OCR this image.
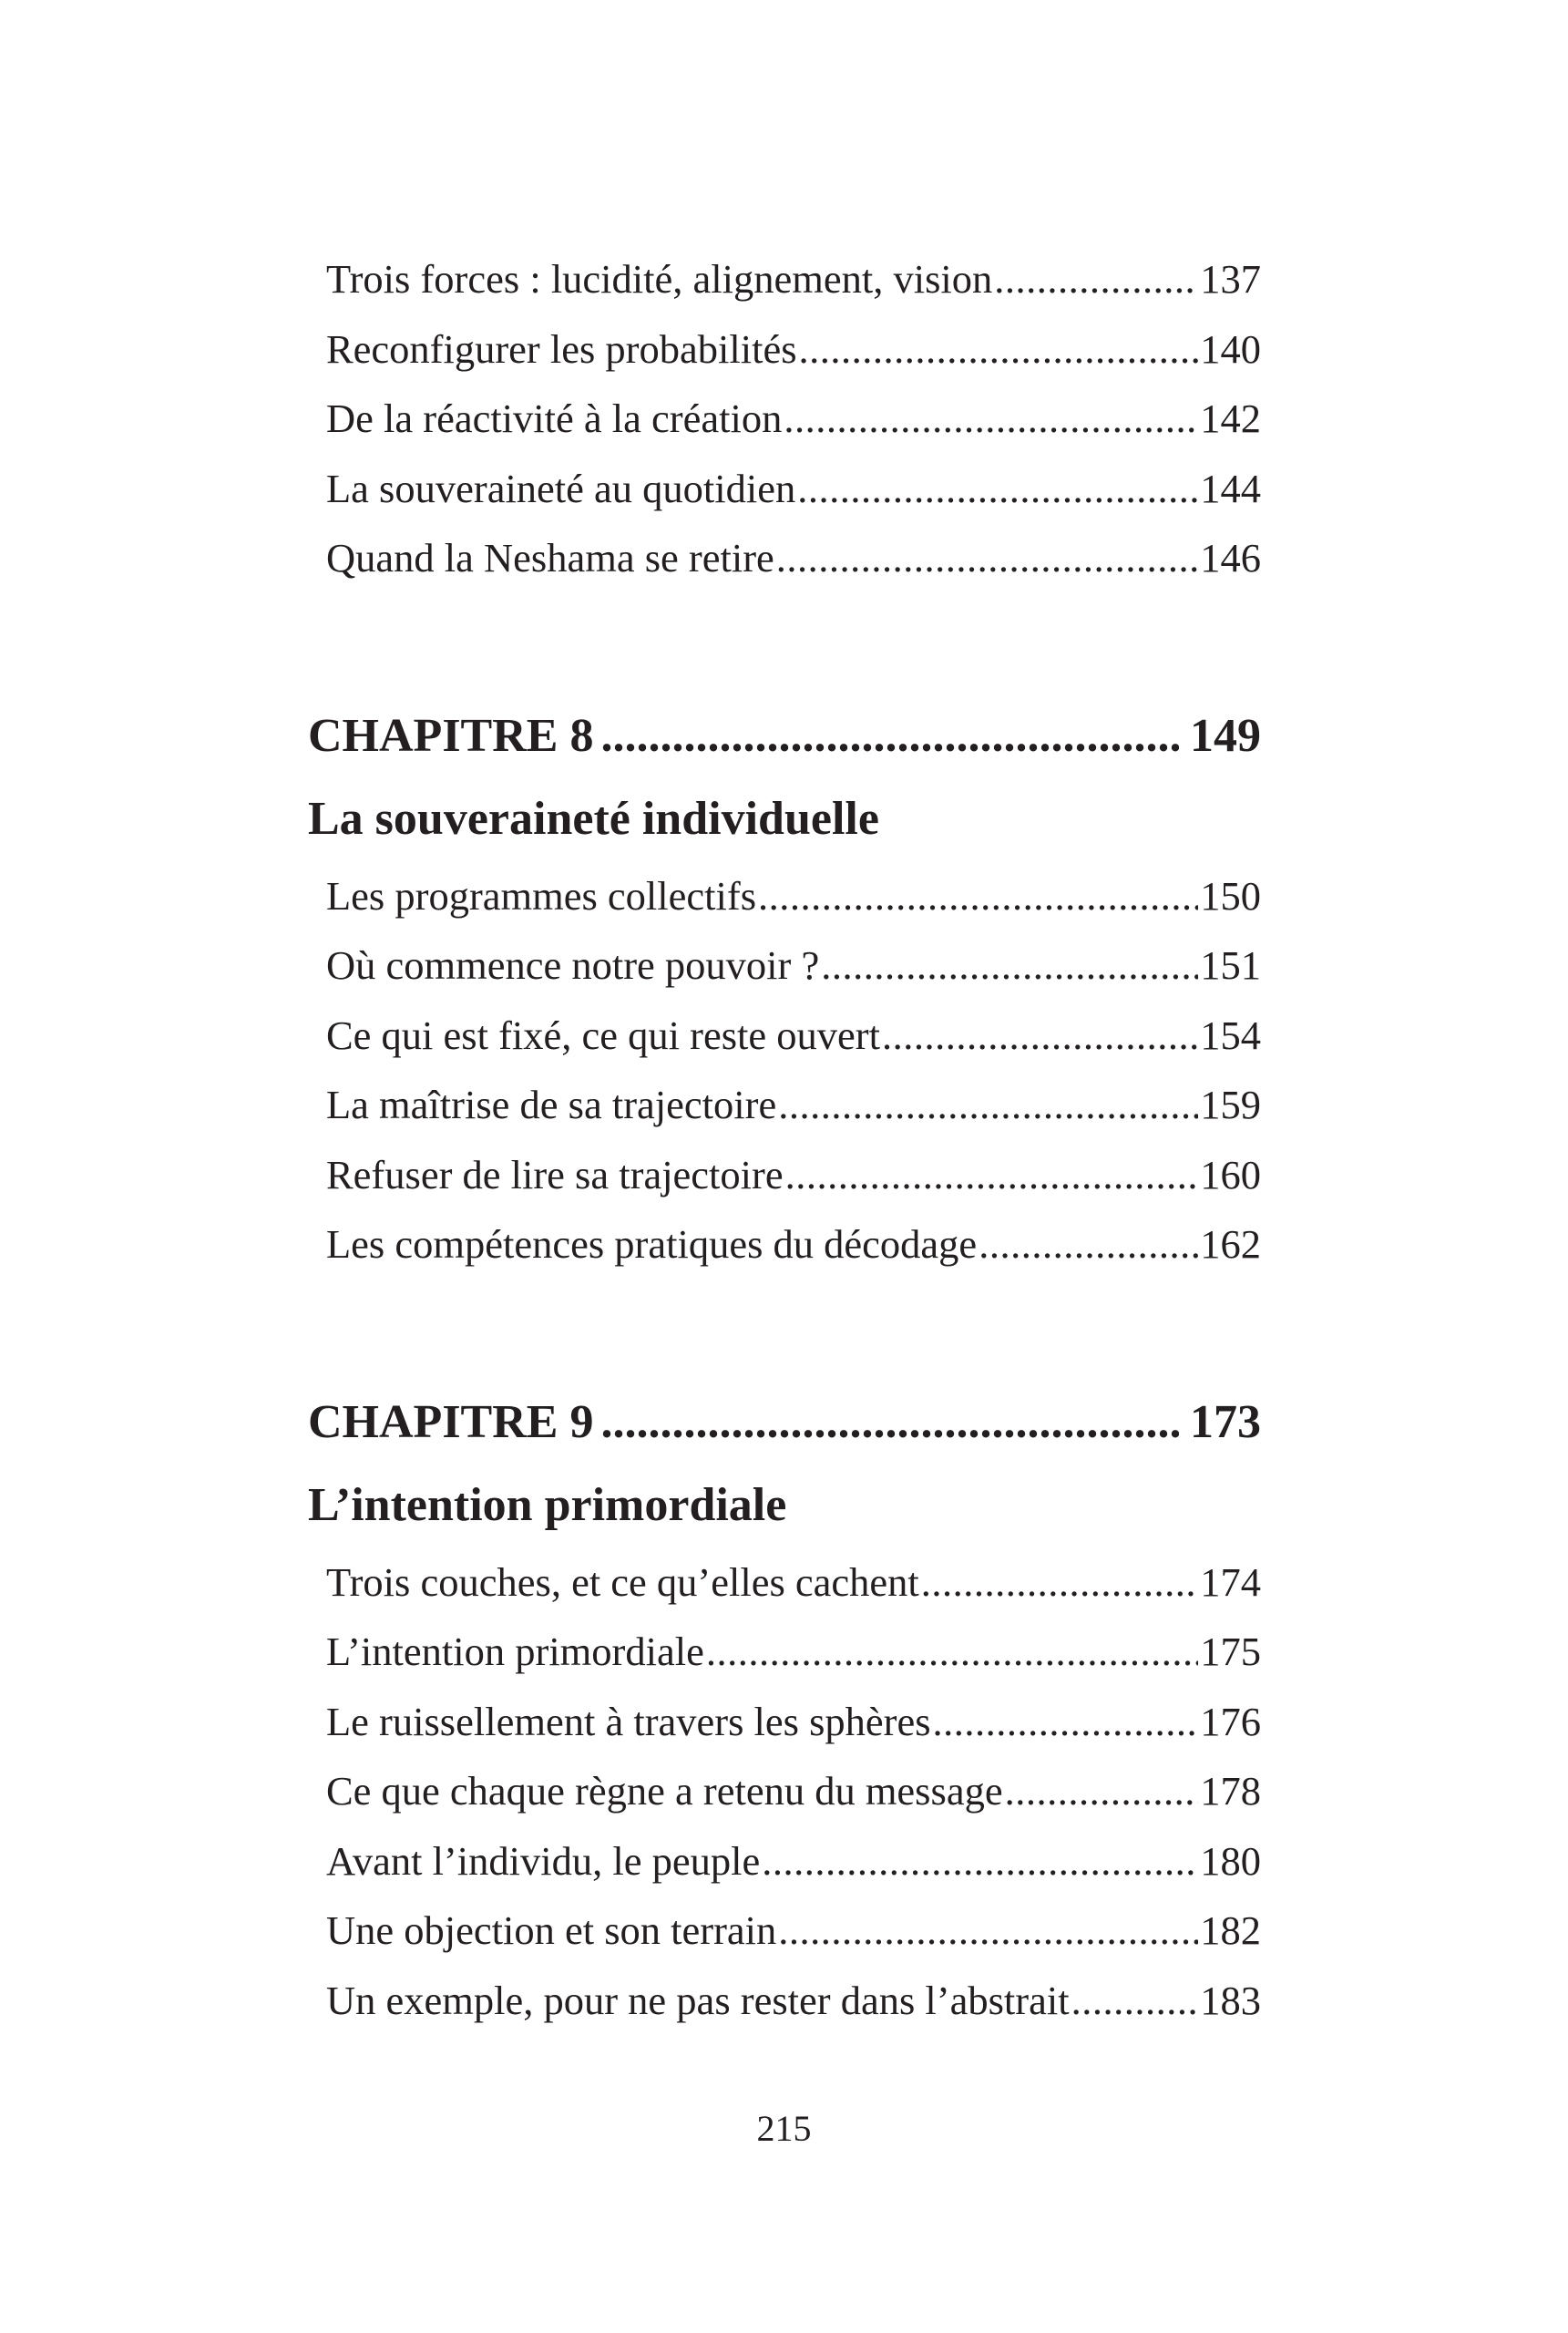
Trois forces : lucidité, alignement, vision .....	137
Reconfigurer les probabilités .....	140
De la réactivité à la création .....	142
La souveraineté au quotidien .....	144
Quand la Neshama se retire .....	146
CHAPITRE 8 .....	149
La souveraineté individuelle
Les programmes collectifs .....	150
Où commence notre pouvoir ? .....	151
Ce qui est fixé, ce qui reste ouvert .....	154
La maîtrise de sa trajectoire .....	159
Refuser de lire sa trajectoire .....	160
Les compétences pratiques du décodage .....	162
CHAPITRE 9 .....	173
L’intention primordiale
Trois couches, et ce qu’elles cachent .....	174
L’intention primordiale .....	175
Le ruissellement à travers les sphères .....	176
Ce que chaque règne a retenu du message .....	178
Avant l’individu, le peuple .....	180
Une objection et son terrain .....	182
Un exemple, pour ne pas rester dans l’abstrait .....	183
215
